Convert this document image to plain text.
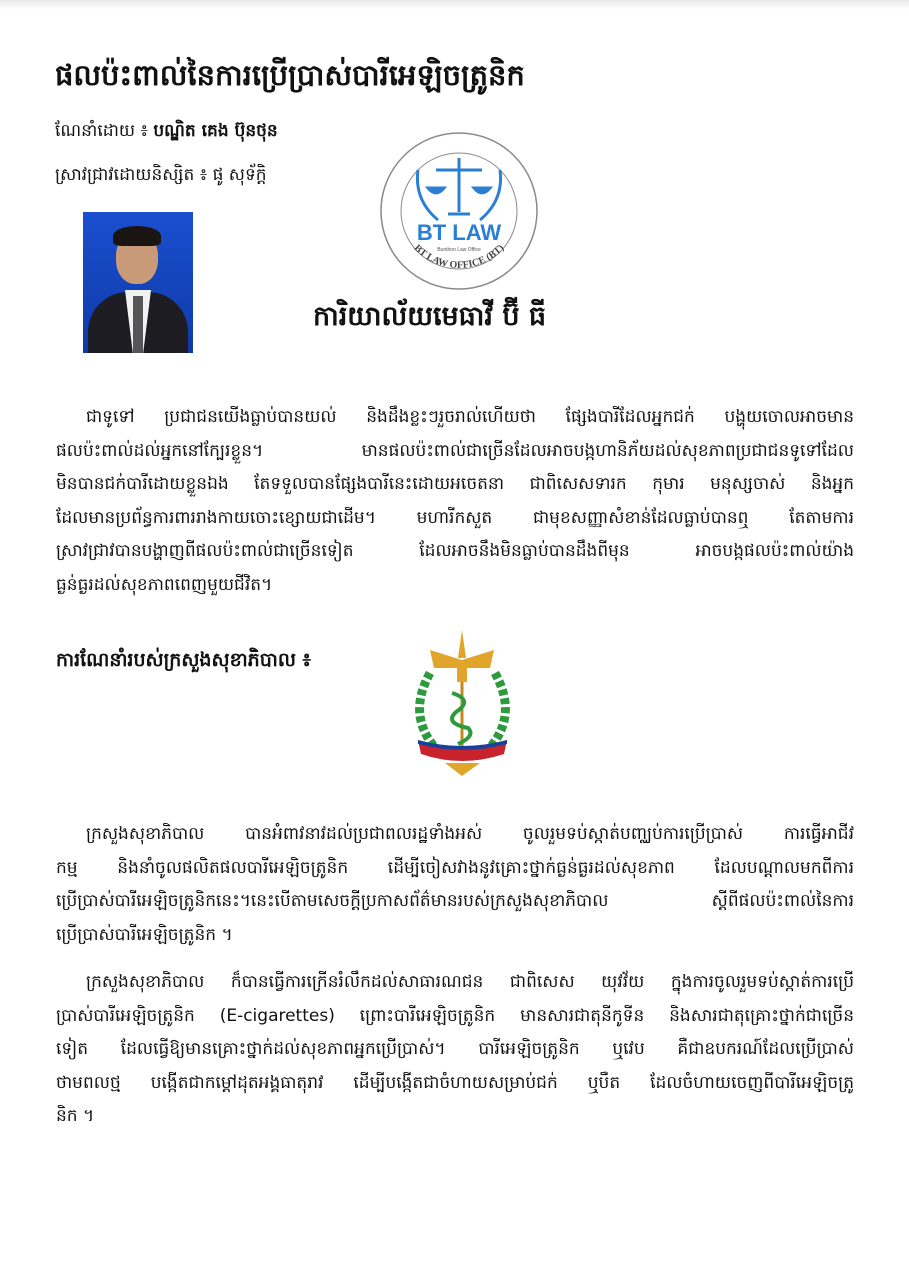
ផលប៉ះពាល់នៃការប្រើប្រាស់បារីអេឡិចត្រូនិក
ណែនាំដោយ ៖ បណ្ឌិត គេង ប៊ុនថុន
ស្រាវជ្រាវដោយនិស្សិត ៖ ផូ សុទ័ក្តិ
BT LAW
Bunthon Law Office
BT LAW OFFICE (BT)
ការិយាល័យមេធាវី ប៊ី ធី
ជាទូទៅ ប្រជាជនយើងធ្លាប់បានយល់ និងដឹងខ្លះៗរួចរាល់ហើយថា ផ្សែងបារីដែលអ្នកជក់ បង្ហុយចោលអាចមាន
ផលប៉ះពាល់ដល់អ្នកនៅក្បែរខ្លួន។ មានផលប៉ះពាល់ជាច្រើនដែលអាចបង្កហានិភ័យដល់សុខភាពប្រជាជនទូទៅដែល
មិនបានជក់បារីដោយខ្លួនឯង តែទទួលបានផ្សែងបារីនេះដោយអចេតនា ជាពិសេសទារក កុមារ មនុស្សចាស់ និងអ្នក
ដែលមានប្រព័ន្ធការពាររាងកាយចោះខ្សោយជាដើម។ មហារីកសួត ជាមុខសញ្ញាសំខាន់ដែលធ្លាប់បានឮ តែតាមការ
ស្រាវជ្រាវបានបង្ហាញពីផលប៉ះពាល់ជាច្រើនទៀត ដែលអាចនឹងមិនធ្លាប់បានដឹងពីមុន អាចបង្កផលប៉ះពាល់យ៉ាង
ធ្ងន់ធ្ងរដល់សុខភាពពេញមួយជីវិត។
ការណែនាំរបស់ក្រសួងសុខាភិបាល ៖
ក្រសួងសុខាភិបាល បានអំពាវនាវដល់ប្រជាពលរដ្ឋទាំងអស់ ចូលរួមទប់ស្កាត់បញ្ឈប់ការប្រើប្រាស់ ការធ្វើអាជីវ
កម្ម និងនាំចូលផលិតផលបារីអេឡិចត្រូនិក ដើម្បីចៀសវាងនូវគ្រោះថ្នាក់ធ្ងន់ធ្ងរដល់សុខភាព ដែលបណ្តាលមកពីការ
ប្រើប្រាស់បារីអេឡិចត្រូនិកនេះ។នេះបើតាមសេចក្តីប្រកាសព័ត៌មានរបស់ក្រសួងសុខាភិបាល ស្តីពីផលប៉ះពាល់នៃការ
ប្រើប្រាស់បារីអេឡិចត្រូនិក ។
ក្រសួងសុខាភិបាល ក៏បានធ្វើការក្រើនរំលឹកដល់សាធារណជន ជាពិសេស យុវវ័យ ក្នុងការចូលរួមទប់ស្កាត់ការប្រើ
ប្រាស់បារីអេឡិចត្រូនិក (E-cigarettes) ព្រោះបារីអេឡិចត្រូនិក មានសារជាតុនីកូទីន និងសារជាតុគ្រោះថ្នាក់ជាច្រើន
ទៀត ដែលធ្វើឱ្យមានគ្រោះថ្នាក់ដល់សុខភាពអ្នកប្រើប្រាស់។ បារីអេឡិចត្រូនិក ឬវេប គឺជាឧបករណ៍ដែលប្រើប្រាស់
ថាមពលថ្ម បង្កើតជាកម្តៅដុតអង្គធាតុរាវ ដើម្បីបង្កើតជាចំហាយសម្រាប់ជក់ ឬបឺត ដែលចំហាយចេញពីបារីអេឡិចត្រូ
និក ។
